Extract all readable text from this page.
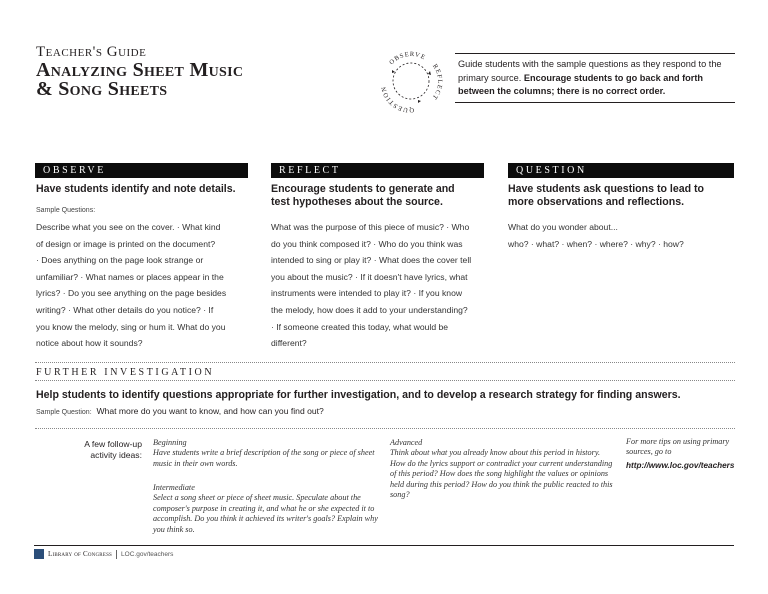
Teacher's Guide
Analyzing Sheet Music
& Song Sheets
OBSERVE
REFLECT
QUESTION
Guide students with the sample questions as they respond to the primary source. Encourage students to go back and forth between the columns; there is no correct order.
OBSERVE
Have students identify and note details.
Sample Questions:
Describe what you see on the cover. · What kind
of design or image is printed on the document?
· Does anything on the page look strange or
unfamiliar? · What names or places appear in the
lyrics? · Do you see anything on the page besides
writing? · What other details do you notice? · If
you know the melody, sing or hum it. What do you
notice about how it sounds?
REFLECT
Encourage students to generate and
test hypotheses about the source.
What was the purpose of this piece of music? · Who
do you think composed it? · Who do you think was
intended to sing or play it? · What does the cover tell
you about the music? · If it doesn't have lyrics, what
instruments were intended to play it? · If you know
the melody, how does it add to your understanding?
· If someone created this today, what would be
different?
QUESTION
Have students ask questions to lead to
more observations and reflections.
What do you wonder about...
who? · what? · when? · where? · why? · how?
FURTHER INVESTIGATION
Help students to identify questions appropriate for further investigation, and to develop a research strategy for finding answers.
Sample Question: What more do you want to know, and how can you find out?
A few follow-up
activity ideas:
Beginning
Have students write a brief description of the song or piece of sheet music in their own words.
Intermediate
Select a song sheet or piece of sheet music. Speculate about the composer's purpose in creating it, and what he or she expected it to accomplish. Do you think it achieved its writer's goals? Explain why you think so.
Advanced
Think about what you already know about this period in history. How do the lyrics support or contradict your current understanding of this period? How does the song highlight the values or opinions held during this period? How do you think the public reacted to this song?
For more tips on using primary sources, go to
http://www.loc.gov/teachers
Library of Congress LOC.gov/teachers
